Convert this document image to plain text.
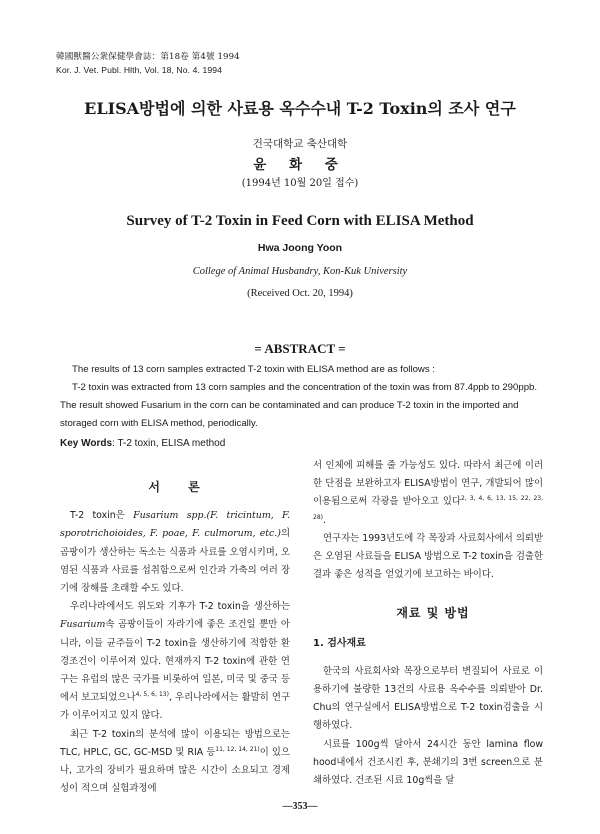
韓國獸醫公衆保健學會誌：第18卷 第4號 1994
Kor. J. Vet. Publ. Hlth, Vol. 18, No. 4. 1994
ELISA방법에 의한 사료용 옥수수내 T-2 Toxin의 조사 연구
건국대학교 축산대학
윤 화 중
(1994년 10월 20일 접수)
Survey of T-2 Toxin in Feed Corn with ELISA Method
Hwa Joong Yoon
College of Animal Husbandry, Kon-Kuk University
(Received Oct. 20, 1994)
= ABSTRACT =

The results of 13 corn samples extracted T-2 toxin with ELISA method are as follows :

T-2 toxin was extracted from 13 corn samples and the concentration of the toxin was from 87.4ppb to 290ppb. The result showed Fusarium in the corn can be contaminated and can produce T-2 toxin in the imported and storaged corn with ELISA method, periodically.

Key Words: T-2 toxin, ELISA method

서 론

T-2 toxin은 Fusarium spp.(F. tricintum, F. sporotrichoioides, F. poae, F. culmorum, etc.)의 곰팡이가 생산하는 독소는 식품과 사료를 오염시키며, 오염된 식품과 사료를 섭취함으로써 인간과 가축의 여러 장기에 장해를 초래할 수도 있다.

우리나라에서도 위도와 기후가 T-2 toxin을 생산하는 Fusarium속 곰팡이들이 자라기에 좋은 조건일 뿐만 아니라, 이들 균주들이 T-2 toxin을 생산하기에 적합한 환경조건이 이루어져 있다. 현재까지 T-2 toxin에 관한 연구는 유럽의 많은 국가를 비롯하여 일본, 미국 및 중국 등에서 보고되었으나$^{4, 5, 6, 13)}$, 우리나라에서는 활발히 연구가 이루어지고 있지 않다.

최근 T-2 toxin의 분석에 많이 이용되는 방법으로는 TLC, HPLC, GC, GC-MSD 및 RIA 등$^{11, 12, 14, 21)}$이 있으나, 고가의 장비가 필요하며 많은 시간이 소요되고 경제성이 적으며 실험과정에

서 인체에 피해를 줄 가능성도 있다. 따라서 최근에 이러한 단점을 보완하고자 ELISA방법이 연구, 개발되어 많이 이용됨으로써 각광을 받아오고 있다$^{2, 3, 4, 6, 13, 15, 22, 23, 28)}$.

연구자는 1993년도에 각 목장과 사료회사에서 의뢰받은 오염된 사료들을 ELISA 방법으로 T-2 toxin을 검출한 결과 좋은 성적을 얻었기에 보고하는 바이다.

재료 및 방법

1. 검사재료

한국의 사료회사와 목장으로부터 변질되어 사료로 이용하기에 불량한 13건의 사료용 옥수수를 의뢰받아 Dr. Chu의 연구실에서 ELISA방법으로 T-2 toxin검출을 시행하였다.

시료를 100g씩 달아서 24시간 동안 lamina flow hood내에서 건조시킨 후, 분쇄기의 3번 screen으로 분쇄하였다. 건조된 시료 10g씩을 달

—353—
